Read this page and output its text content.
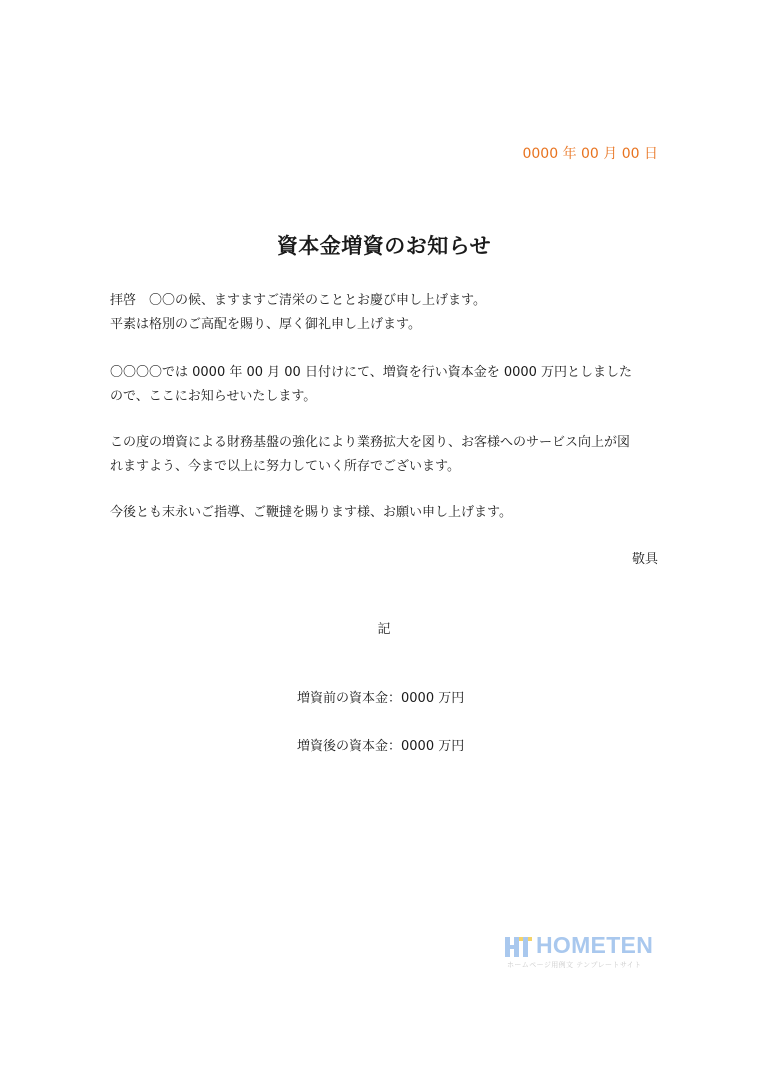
0000 年 00 月 00 日
資本金増資のお知らせ
拝啓　〇〇の候、ますますご清栄のこととお慶び申し上げます。
平素は格別のご高配を賜り、厚く御礼申し上げます。
〇〇〇〇では 0000 年 00 月 00 日付けにて、増資を行い資本金を 0000 万円としました
ので、ここにお知らせいたします。
この度の増資による財務基盤の強化により業務拡大を図り、お客様へのサービス向上が図
れますよう、今まで以上に努力していく所存でございます。
今後とも末永いご指導、ご鞭撻を賜ります様、お願い申し上げます。
敬具
記
増資前の資本金：0000 万円
増資後の資本金：0000 万円
HOMETEN
ホームページ用例文 テンプレートサイト
